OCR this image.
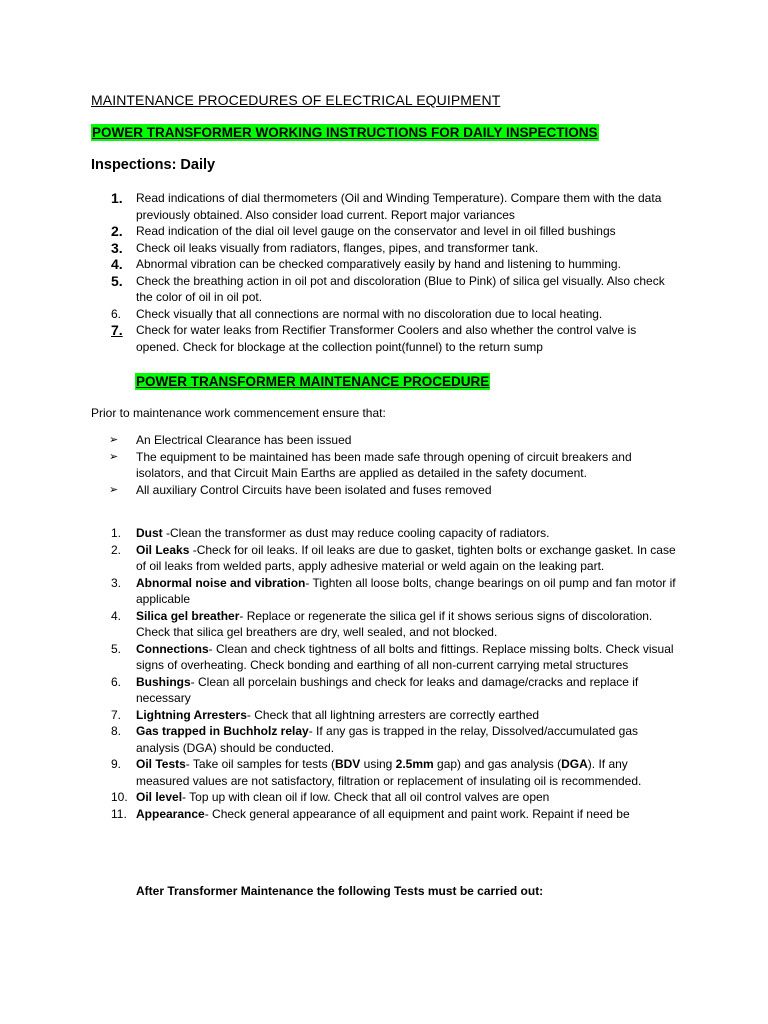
MAINTENANCE PROCEDURES OF ELECTRICAL EQUIPMENT
POWER TRANSFORMER WORKING INSTRUCTIONS FOR DAILY INSPECTIONS
Inspections: Daily
1. Read indications of dial thermometers (Oil and Winding Temperature). Compare them with the data previously obtained. Also consider load current. Report major variances
2. Read indication of the dial oil level gauge on the conservator and level in oil filled bushings
3. Check oil leaks visually from radiators, flanges, pipes, and transformer tank.
4. Abnormal vibration can be checked comparatively easily by hand and listening to humming.
5. Check the breathing action in oil pot and discoloration (Blue to Pink) of silica gel visually. Also check the color of oil in oil pot.
6. Check visually that all connections are normal with no discoloration due to local heating.
7. Check for water leaks from Rectifier Transformer Coolers and also whether the control valve is opened. Check for blockage at the collection point(funnel) to the return sump
POWER TRANSFORMER MAINTENANCE PROCEDURE
Prior to maintenance work commencement ensure that:
➢ An Electrical Clearance has been issued
➢ The equipment to be maintained has been made safe through opening of circuit breakers and isolators, and that Circuit Main Earths are applied as detailed in the safety document.
➢ All auxiliary Control Circuits have been isolated and fuses removed
1. Dust -Clean the transformer as dust may reduce cooling capacity of radiators.
2. Oil Leaks -Check for oil leaks. If oil leaks are due to gasket, tighten bolts or exchange gasket. In case of oil leaks from welded parts, apply adhesive material or weld again on the leaking part.
3. Abnormal noise and vibration- Tighten all loose bolts, change bearings on oil pump and fan motor if applicable
4. Silica gel breather- Replace or regenerate the silica gel if it shows serious signs of discoloration. Check that silica gel breathers are dry, well sealed, and not blocked.
5. Connections- Clean and check tightness of all bolts and fittings. Replace missing bolts. Check visual signs of overheating. Check bonding and earthing of all non-current carrying metal structures
6. Bushings- Clean all porcelain bushings and check for leaks and damage/cracks and replace if necessary
7. Lightning Arresters- Check that all lightning arresters are correctly earthed
8. Gas trapped in Buchholz relay- If any gas is trapped in the relay, Dissolved/accumulated gas analysis (DGA) should be conducted.
9. Oil Tests- Take oil samples for tests (BDV using 2.5mm gap) and gas analysis (DGA). If any measured values are not satisfactory, filtration or replacement of insulating oil is recommended.
10. Oil level- Top up with clean oil if low. Check that all oil control valves are open
11. Appearance- Check general appearance of all equipment and paint work. Repaint if need be
After Transformer Maintenance the following Tests must be carried out:
